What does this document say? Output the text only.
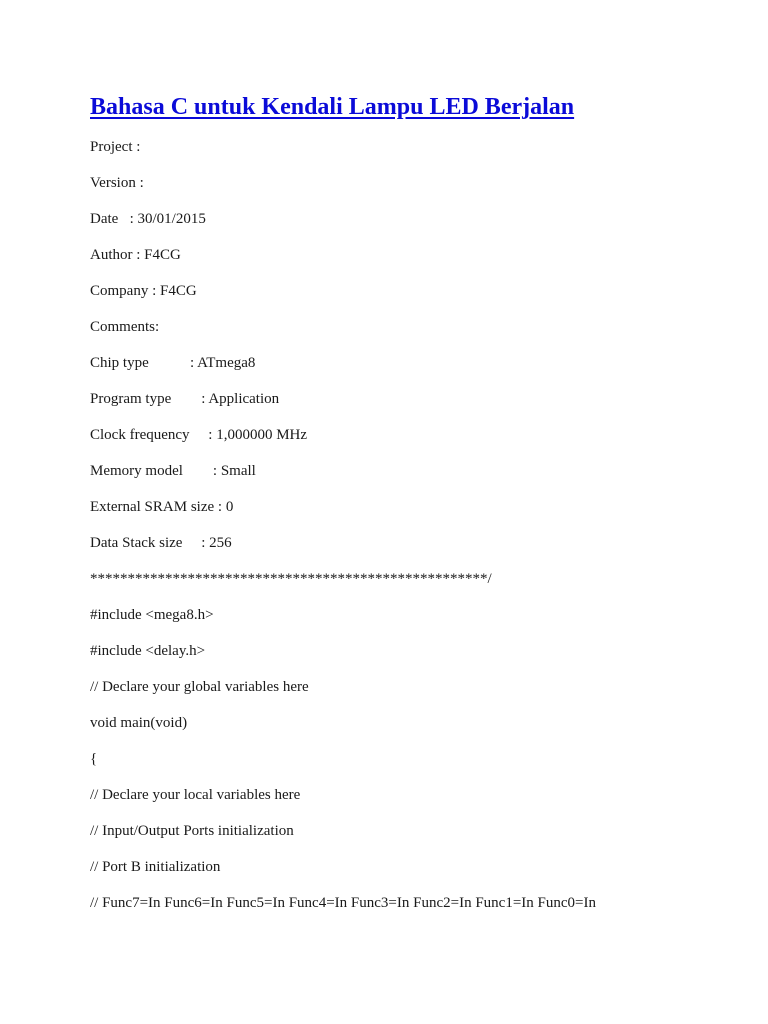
Bahasa C untuk Kendali Lampu LED Berjalan
Project :
Version :
Date   : 30/01/2015
Author : F4CG
Company : F4CG
Comments:
Chip type           : ATmega8
Program type        : Application
Clock frequency     : 1,000000 MHz
Memory model        : Small
External SRAM size : 0
Data Stack size     : 256
*****************************************************/
#include <mega8.h>
#include <delay.h>
// Declare your global variables here
void main(void)
{
// Declare your local variables here
// Input/Output Ports initialization
// Port B initialization
// Func7=In Func6=In Func5=In Func4=In Func3=In Func2=In Func1=In Func0=In
